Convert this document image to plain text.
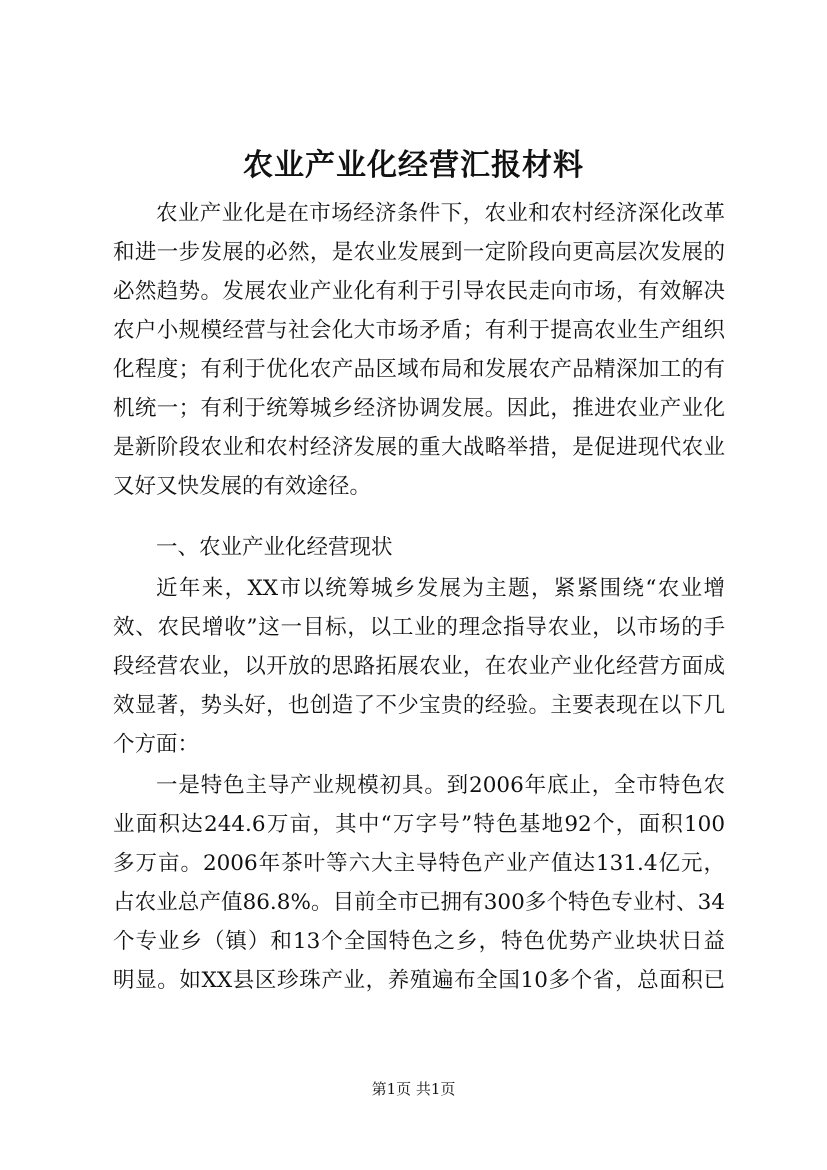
农业产业化经营汇报材料

农业产业化是在市场经济条件下，农业和农村经济深化改革

和进一步发展的必然，是农业发展到一定阶段向更高层次发展的

必然趋势。发展农业产业化有利于引导农民走向市场，有效解决

农户小规模经营与社会化大市场矛盾；有利于提高农业生产组织

化程度；有利于优化农产品区域布局和发展农产品精深加工的有

机统一；有利于统筹城乡经济协调发展。因此，推进农业产业化

是新阶段农业和农村经济发展的重大战略举措，是促进现代农业

又好又快发展的有效途径。

一、农业产业化经营现状

近年来，XX市以统筹城乡发展为主题，紧紧围绕“农业增

效、农民增收”这一目标，以工业的理念指导农业，以市场的手

段经营农业，以开放的思路拓展农业，在农业产业化经营方面成

效显著，势头好，也创造了不少宝贵的经验。主要表现在以下几

个方面：

一是特色主导产业规模初具。到2006年底止，全市特色农

业面积达244.6万亩，其中“万字号”特色基地92个，面积100

多万亩。2006年茶叶等六大主导特色产业产值达131.4亿元，

占农业总产值86.8%。目前全市已拥有300多个特色专业村、34

个专业乡（镇）和13个全国特色之乡，特色优势产业块状日益

明显。如XX县区珍珠产业，养殖遍布全国10多个省，总面积已

第1页 共1页
